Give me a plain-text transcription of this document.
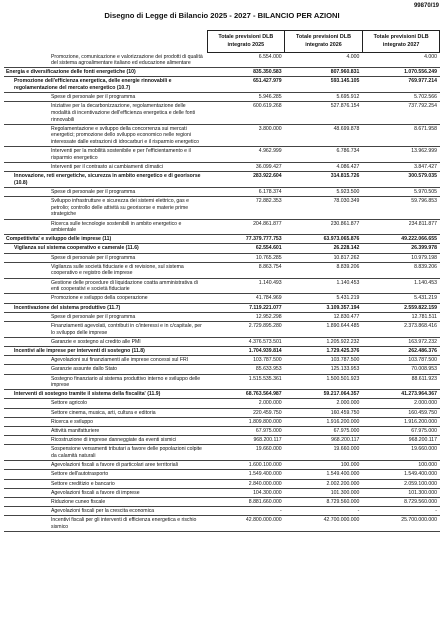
99870/19
Disegno di Legge di Bilancio 2025 - 2027 - BILANCIO PER AZIONI
	Totale previsioni DLB integrato 2025	Totale previsioni DLB integrato 2026	Totale previsioni DLB integrato 2027
Promozione, comunicazione e valorizzazione dei prodotti di qualità del sistema agroalimentare italiano ed educazione alimentare	6.554.000	4.000	4.000
Energia e diversificazione delle fonti energetiche (10)	835.350.583	807.960.831	1.070.556.249
Promozione dell'efficienza energetica, delle energie rinnovabili e regolamentazione del mercato energetico (10.7)	651.427.979	593.145.105	769.977.214
Spese di personale per il programma	5.946.285	5.695.912	5.702.566
Iniziative per la decarbonizzazione, regolamentazione delle modalità di incentivazione dell'efficienza energetica e delle fonti rinnovabili	600.619.268	527.876.154	737.792.254
Regolamentazione e sviluppo della concorrenza sui mercati energetici; promozione dello sviluppo economico nelle regioni interessate dalle estrazioni di idrocarburi e il risparmio energetico	3.800.000	48.699.878	8.671.958
Interventi per la mobilità sostenibile e per l'efficientamento e il risparmio energetico	4.962.999	6.786.734	13.962.999
Interventi per il contrasto ai cambiamenti climatici	36.099.427	4.086.427	3.847.427
Innovazione, reti energetiche, sicurezza in ambito energetico e di georisorse (10.8)	283.922.604	314.815.726	300.579.035
Spese di personale per il programma	6.178.374	5.923.500	5.970.505
Sviluppo infrastrutture e sicurezza dei sistemi elettrico, gas e petrolio; controllo delle attività su georisorse e materie prime strategiche	72.882.353	78.030.349	59.796.853
Ricerca sulle tecnologie sostenibili in ambito energetico e ambientale	204.861.877	230.861.877	234.811.877
Competitivita' e sviluppo delle imprese (11)	77.379.777.753	63.973.065.876	49.222.066.655
Vigilanza sul sistema cooperativo e camerale (11.6)	62.554.601	26.228.142	26.399.978
Spese di personale per il programma	10.765.285	10.817.262	10.979.198
Vigilanza sulle società fiduciarie e di revisione, sul sistema cooperativo e registro delle imprese	8.863.754	8.839.206	8.839.206
Gestione delle procedure di liquidazione coatta amministrativa di enti cooperativi e società fiduciarie	1.140.493	1.140.453	1.140.453
Promozione e sviluppo della cooperazione	41.784.969	5.431.219	5.431.219
Incentivazione del sistema produttivo (11.7)	7.119.221.077	3.109.357.194	2.559.822.159
Spese di personale per il programma	12.952.298	12.830.477	12.781.511
Finanziamenti agevolati, contributi in c/interessi e in c/capitale, per lo sviluppo delle imprese	2.729.895.280	1.890.644.485	2.373.868.416
Garanzie e sostegno al credito alle PMI	4.376.573.501	1.205.922.232	163.972.232
Incentivi alle imprese per interventi di sostegno (11.8)	1.704.939.814	1.729.425.376	262.486.376
Agevolazioni sui finanziamenti alle imprese concessi sul FRI	103.787.500	103.787.500	103.787.500
Garanzie assunte dallo Stato	85.633.953	125.133.953	70.008.953
Sostegno finanziario al sistema produttivo interno e sviluppo delle imprese	1.515.535.361	1.500.501.923	88.611.923
Interventi di sostegno tramite il sistema della fiscalita' (11.9)	68.763.564.987	59.217.064.357	41.273.964.367
Settore agricolo	2.000.000	2.000.000	2.000.000
Settore cinema, musica, arti, cultura e editoria	220.459.750	160.459.750	160.459.750
Ricerca e sviluppo	1.809.800.000	1.916.200.000	1.916.200.000
Attività manifatturiere	67.975.000	67.975.000	67.975.000
Ricostruzione di imprese danneggiate da eventi sismici	968.200.117	968.200.117	968.200.117
Sospensione versamenti tributari a favore delle popolazioni colpite da calamità naturali	19.660.000	19.660.000	19.660.000
Agevolazioni fiscali a favore di particolari aree territoriali	1.600.100.000	100.000	100.000
Settore dell'autotrasporto	1.549.400.000	1.549.400.000	1.549.400.000
Settore creditizio e bancario	2.840.000.000	2.002.200.000	2.059.100.000
Agevolazioni fiscali a favore di imprese	104.300.000	101.300.000	101.300.000
Riduzione cuneo fiscale	8.881.660.000	8.729.560.000	8.729.560.000
Agevolazioni fiscali per la crescita economica	-	-	-
Incentivi fiscali per gli interventi di efficienza energetica e rischio sismico	42.800.000.000	42.700.000.000	25.700.000.000
